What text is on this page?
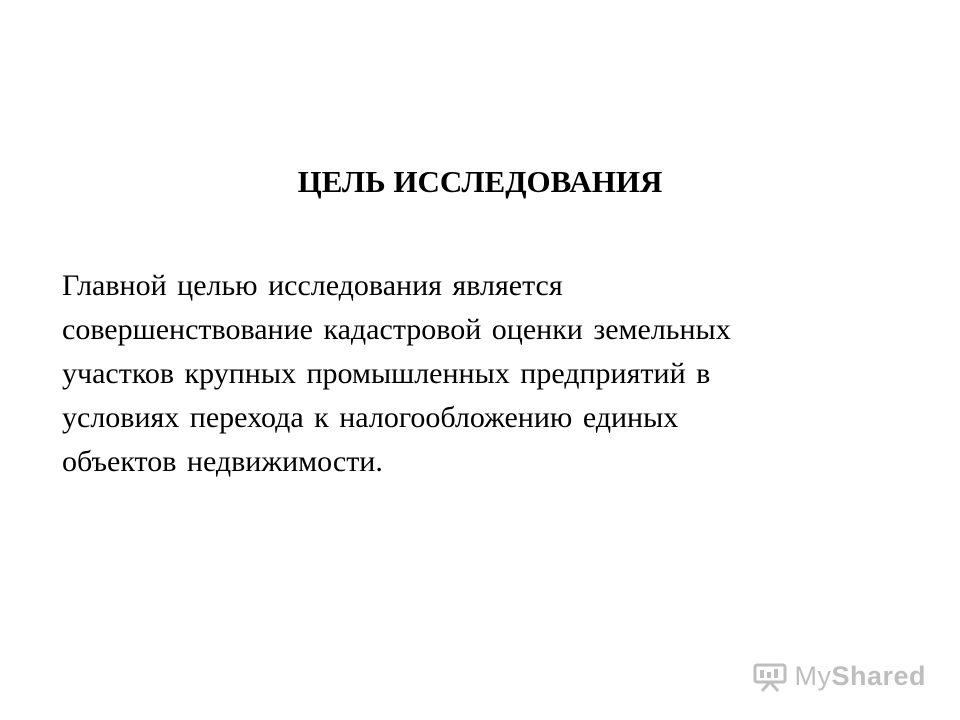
ЦЕЛЬ ИССЛЕДОВАНИЯ
Главной целью исследования является
совершенствование кадастровой оценки земельных
участков крупных промышленных предприятий в
условиях перехода к налогообложению единых
объектов недвижимости.
MyShared
